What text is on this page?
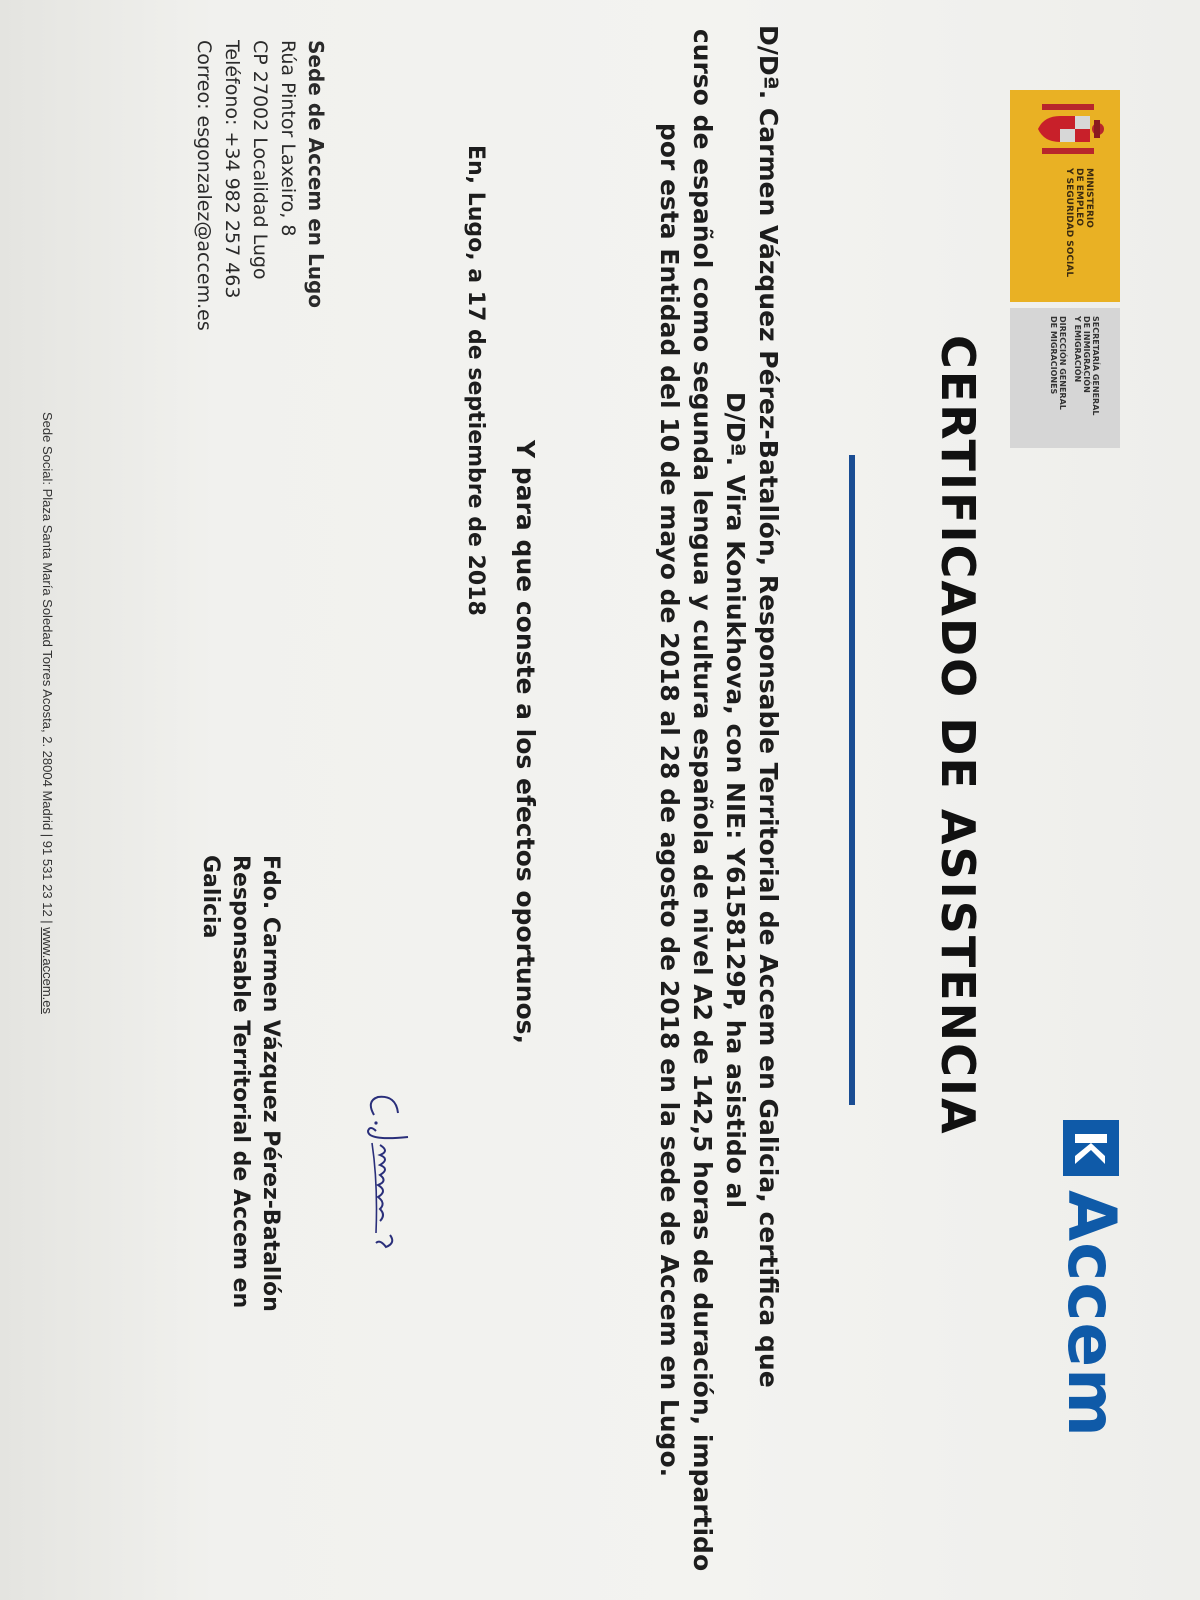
MINISTERIO
DE EMPLEO
Y SEGURIDAD SOCIAL
SECRETARÍA GENERAL
DE INMIGRACIÓN
Y EMIGRACIÓN
DIRECCIÓN GENERAL
DE MIGRACIONES
Accem
CERTIFICADO DE ASISTENCIA

D/Dª. Carmen Vázquez Pérez-Batallón, Responsable Territorial de Accem en Galicia, certifica que

D/Dª. Vira Koniukhova, con NIE: Y6158129P, ha asistido al

curso de español como segunda lengua y cultura española de nivel A2 de 142,5 horas de duración, impartido por esta Entidad del 10 de mayo de 2018 al 28 de agosto de 2018 en la sede de Accem en Lugo.

Y para que conste a los efectos oportunos,
En, Lugo, a 17 de septiembre de 2018
Fdo. Carmen Vázquez Pérez-Batallón
Responsable Territorial de Accem en Galicia
Sede de Accem en Lugo
Rúa Pintor Laxeiro, 8
CP 27002 Localidad Lugo
Teléfono: +34 982 257 463
Correo: esgonzalez@accem.es
Sede Social: Plaza Santa María Soledad Torres Acosta, 2. 28004 Madrid | 91 531 23 12 | www.accem.es
